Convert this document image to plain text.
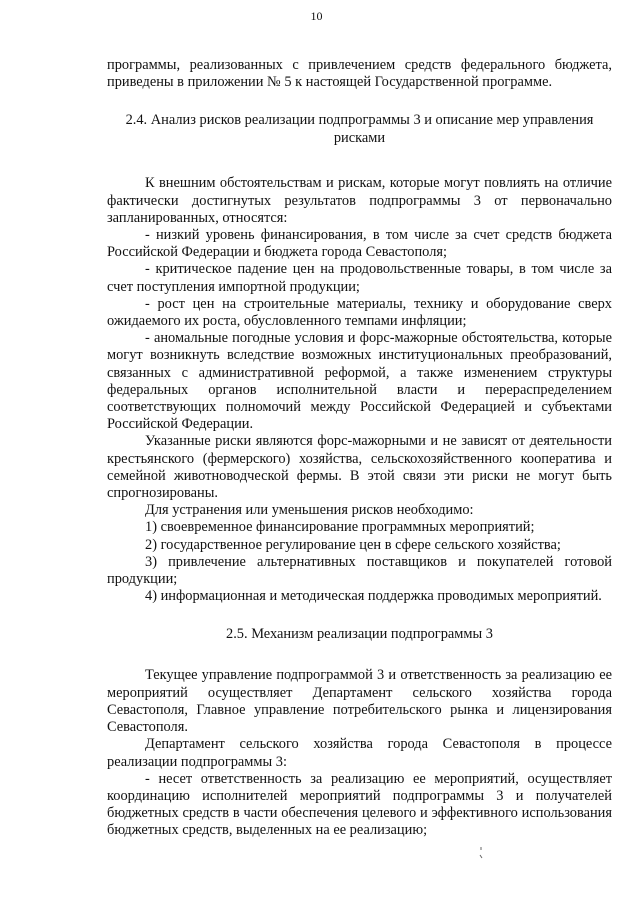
10

программы, реализованных с привлечением средств федерального бюджета, приведены в приложении № 5 к настоящей Государственной программе.

2.4. Анализ рисков реализации подпрограммы 3 и описание мер управления рисками

К внешним обстоятельствам и рискам, которые могут повлиять на отличие фактически достигнутых результатов подпрограммы 3 от первоначально запланированных, относятся:

- низкий уровень финансирования, в том числе за счет средств бюджета Российской Федерации и бюджета города Севастополя;

- критическое падение цен на продовольственные товары, в том числе за счет поступления импортной продукции;

- рост цен на строительные материалы, технику и оборудование сверх ожидаемого их роста, обусловленного темпами инфляции;

- аномальные погодные условия и форс-мажорные обстоятельства, которые могут возникнуть вследствие возможных институциональных преобразований, связанных с административной реформой, а также изменением структуры федеральных органов исполнительной власти и перераспределением соответствующих полномочий между Российской Федерацией и субъектами Российской Федерации.

Указанные риски являются форс-мажорными и не зависят от деятельности крестьянского (фермерского) хозяйства, сельскохозяйственного кооператива и семейной животноводческой фермы. В этой связи эти риски не могут быть спрогнозированы.

Для устранения или уменьшения рисков необходимо:

1) своевременное финансирование программных мероприятий;

2) государственное регулирование цен в сфере сельского хозяйства;

3) привлечение альтернативных поставщиков и покупателей готовой продукции;

4) информационная и методическая поддержка проводимых мероприятий.

2.5. Механизм реализации подпрограммы 3

Текущее управление подпрограммой 3 и ответственность за реализацию ее мероприятий осуществляет Департамент сельского хозяйства города Севастополя, Главное управление потребительского рынка и лицензирования Севастополя.

Департамент сельского хозяйства города Севастополя в процессе реализации подпрограммы 3:

- несет ответственность за реализацию ее мероприятий, осуществляет координацию исполнителей мероприятий подпрограммы 3 и получателей бюджетных средств в части обеспечения целевого и эффективного использования бюджетных средств, выделенных на ее реализацию;
